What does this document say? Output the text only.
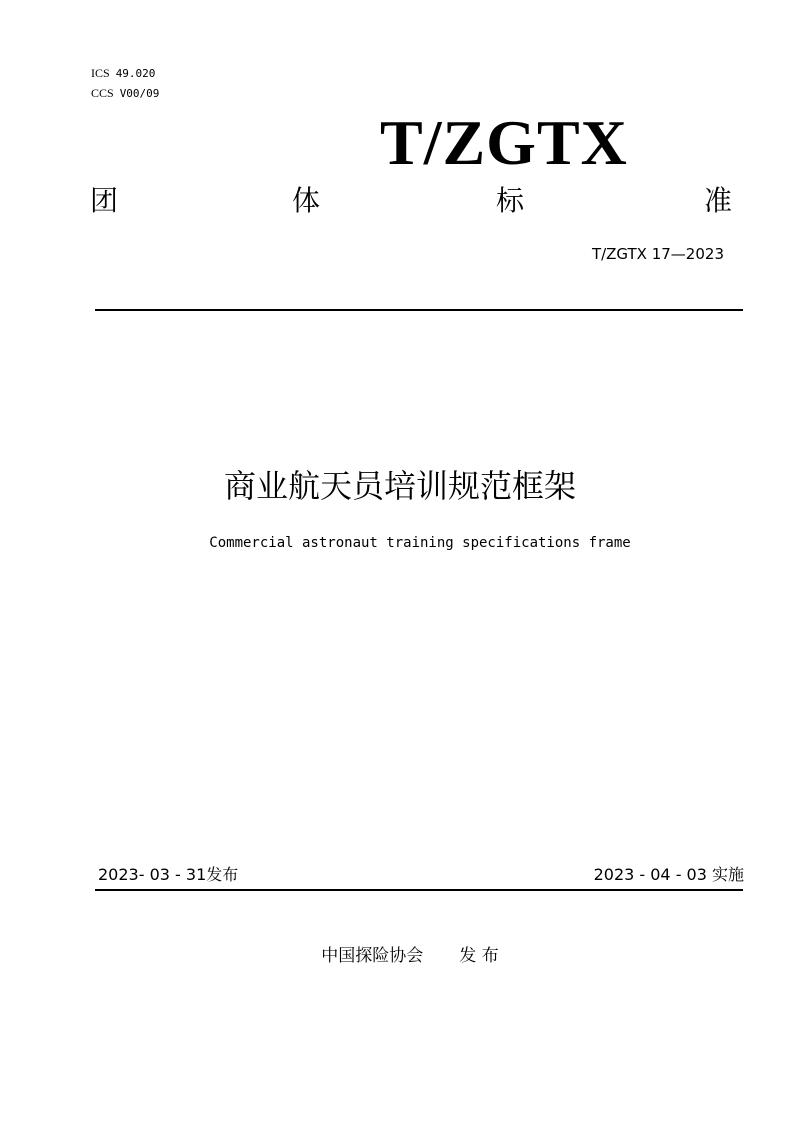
ICS 49.020
CCS V00/09
T/ZGTX
团	体	标	准
T/ZGTX 17—2023
商业航天员培训规范框架
Commercial astronaut training specifications frame
2023- 03 - 31发布	2023 - 04 - 03 实施
中国探险协会 发 布
